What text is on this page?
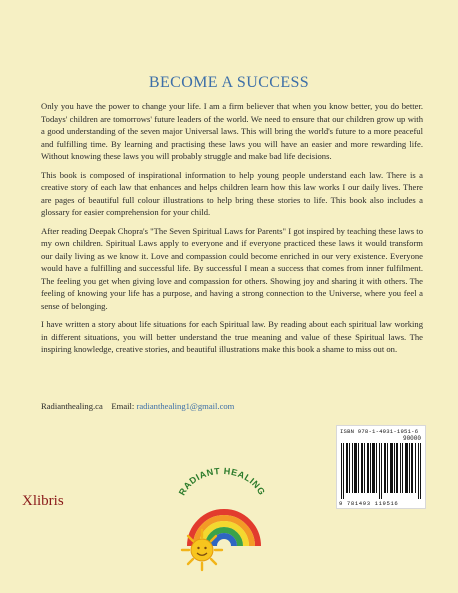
BECOME A SUCCESS

Only you have the power to change your life. I am a firm believer that when you know better, you do better. Todays' children are tomorrows' future leaders of the world. We need to ensure that our children grow up with a good understanding of the seven major Universal laws. This will bring the world's future to a more peaceful and fulfilling time. By learning and practising these laws you will have an easier and more rewarding life. Without knowing these laws you will probably struggle and make bad life decisions.

This book is composed of inspirational information to help young people understand each law. There is a creative story of each law that enhances and helps children learn how this law works I our daily lives. There are pages of beautiful full colour illustrations to help bring these stories to life. This book also includes a glossary for easier comprehension for your child.

After reading Deepak Chopra's "The Seven Spiritual Laws for Parents" I got inspired by teaching these laws to my own children. Spiritual Laws apply to everyone and if everyone practiced these laws it would transform our daily living as we know it. Love and compassion could become enriched in our very existence. Everyone would have a fulfilling and successful life. By successful I mean a success that comes from inner fulfilment. The feeling you get when giving love and compassion for others. Showing joy and sharing it with others. The feeling of knowing your life has a purpose, and having a strong connection to the Universe, where you feel a sense of belonging.

I have written a story about life situations for each Spiritual law. By reading about each spiritual law working in different situations, you will better understand the true meaning and value of these Spiritual laws. The inspiring knowledge, creative stories, and beautiful illustrations make this book a shame to miss out on.

Radianthealing.ca Email: radianthealing1@gmail.com
RADIANT HEALING
ISBN 978-1-4931-1951-6
90000
9 781493 119516
Xlibris
